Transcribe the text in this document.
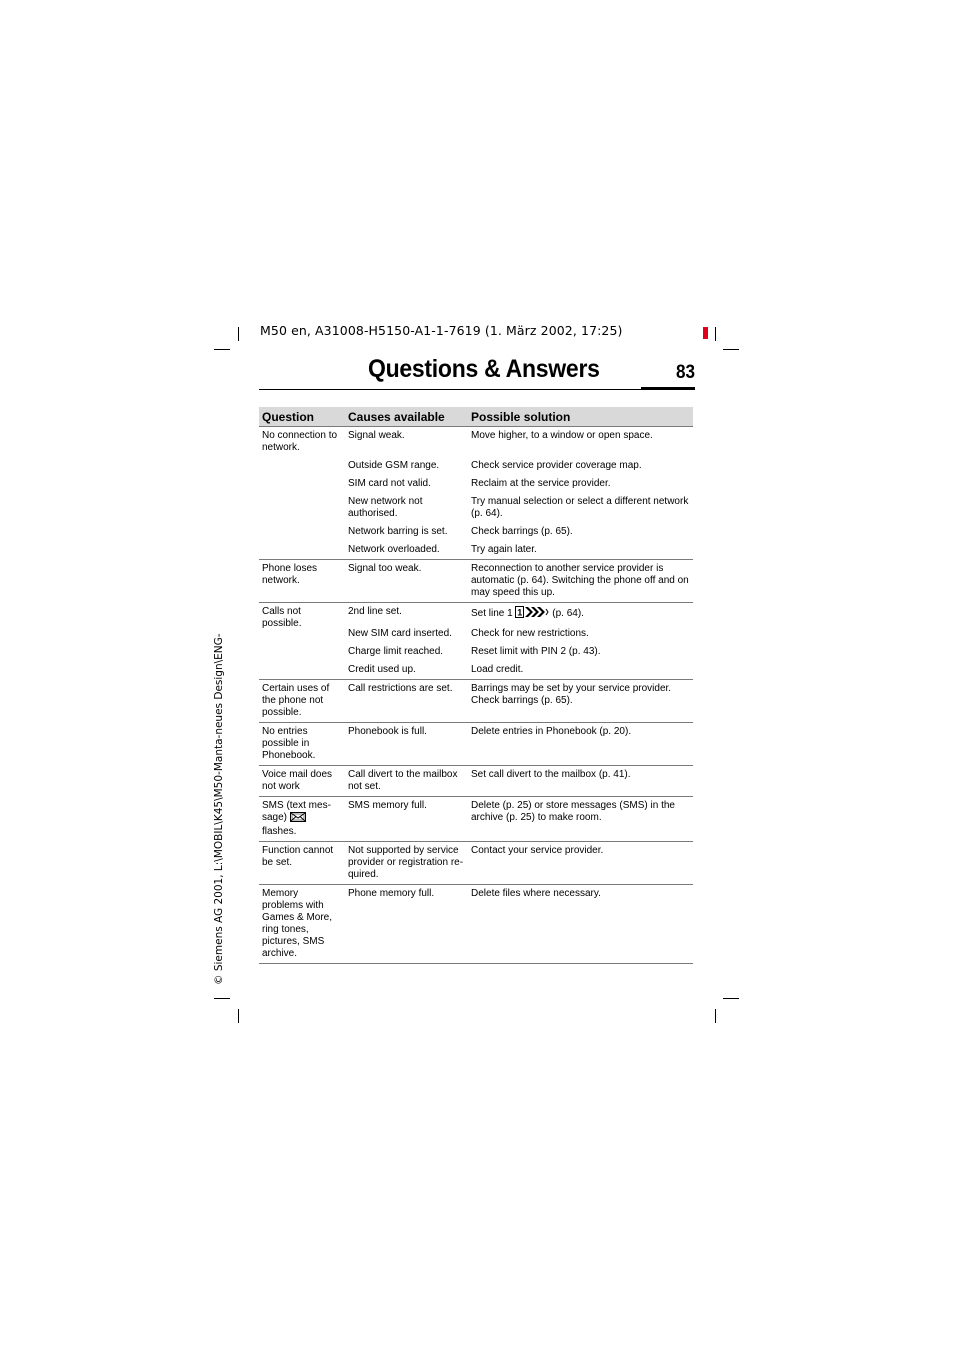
M50 en, A31008-H5150-A1-1-7619 (1. März 2002, 17:25)
Questions & Answers	83
© Siemens AG 2001, L:\MOBIL\K45\M50-Manta-neues Design\ENG-
Question	Causes available	Possible solution
No connection to network.	Signal weak.	Move higher, to a window or open space.
	Outside GSM range.	Check service provider coverage map.
	SIM card not valid.	Reclaim at the service provider.
	New network not authorised.	Try manual selection or select a different network (p. 64).
	Network barring is set.	Check barrings (p. 65).
	Network overloaded.	Try again later.
Phone loses network.	Signal too weak.	Reconnection to another service provider is automatic (p. 64). Switching the phone off and on may speed this up.
Calls not possible.	2nd line set.	Set line 1 1 (p. 64).
	New SIM card inserted.	Check for new restrictions.
	Charge limit reached.	Reset limit with PIN 2 (p. 43).
	Credit used up.	Load credit.
Certain uses of the phone not possible.	Call restrictions are set.	Barrings may be set by your service provider. Check barrings (p. 65).
No entries possible in Phonebook.	Phonebook is full.	Delete entries in Phonebook (p. 20).
Voice mail does not work	Call divert to the mailbox not set.	Set call divert to the mailbox (p. 41).
SMS (text mes-sage)  flashes.	SMS memory full.	Delete (p. 25) or store messages (SMS) in the archive (p. 25) to make room.
Function cannot be set.	Not supported by service provider or registration re-quired.	Contact your service provider.
Memory problems with Games & More, ring tones, pictures, SMS archive.	Phone memory full.	Delete files where necessary.
